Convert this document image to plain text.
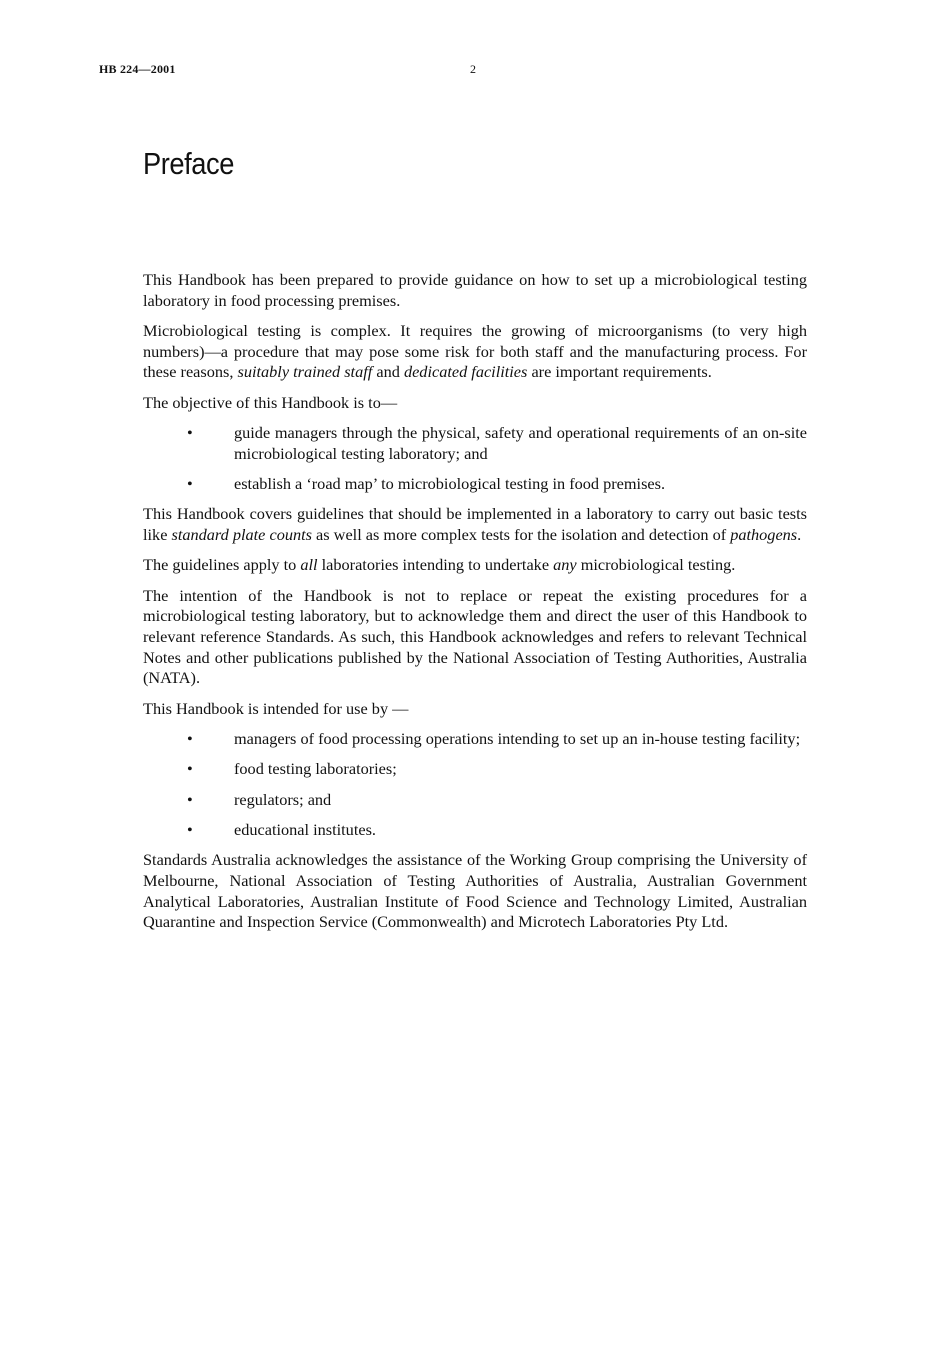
HB 224—2001	2
Preface

This Handbook has been prepared to provide guidance on how to set up a microbiological testing laboratory in food processing premises.

Microbiological testing is complex. It requires the growing of microorganisms (to very high numbers)—a procedure that may pose some risk for both staff and the manufacturing process. For these reasons, suitably trained staff and dedicated facilities are important requirements.

The objective of this Handbook is to—

•	guide managers through the physical, safety and operational requirements of an on-site microbiological testing laboratory; and
•	establish a ‘road map’ to microbiological testing in food premises.

This Handbook covers guidelines that should be implemented in a laboratory to carry out basic tests like standard plate counts as well as more complex tests for the isolation and detection of pathogens.

The guidelines apply to all laboratories intending to undertake any microbiological testing.

The intention of the Handbook is not to replace or repeat the existing procedures for a microbiological testing laboratory, but to acknowledge them and direct the user of this Handbook to relevant reference Standards. As such, this Handbook acknowledges and refers to relevant Technical Notes and other publications published by the National Association of Testing Authorities, Australia (NATA).

This Handbook is intended for use by —

•	managers of food processing operations intending to set up an in-house testing facility;
•	food testing laboratories;
•	regulators; and
•	educational institutes.

Standards Australia acknowledges the assistance of the Working Group comprising the University of Melbourne, National Association of Testing Authorities of Australia, Australian Government Analytical Laboratories, Australian Institute of Food Science and Technology Limited, Australian Quarantine and Inspection Service (Commonwealth) and Microtech Laboratories Pty Ltd.
